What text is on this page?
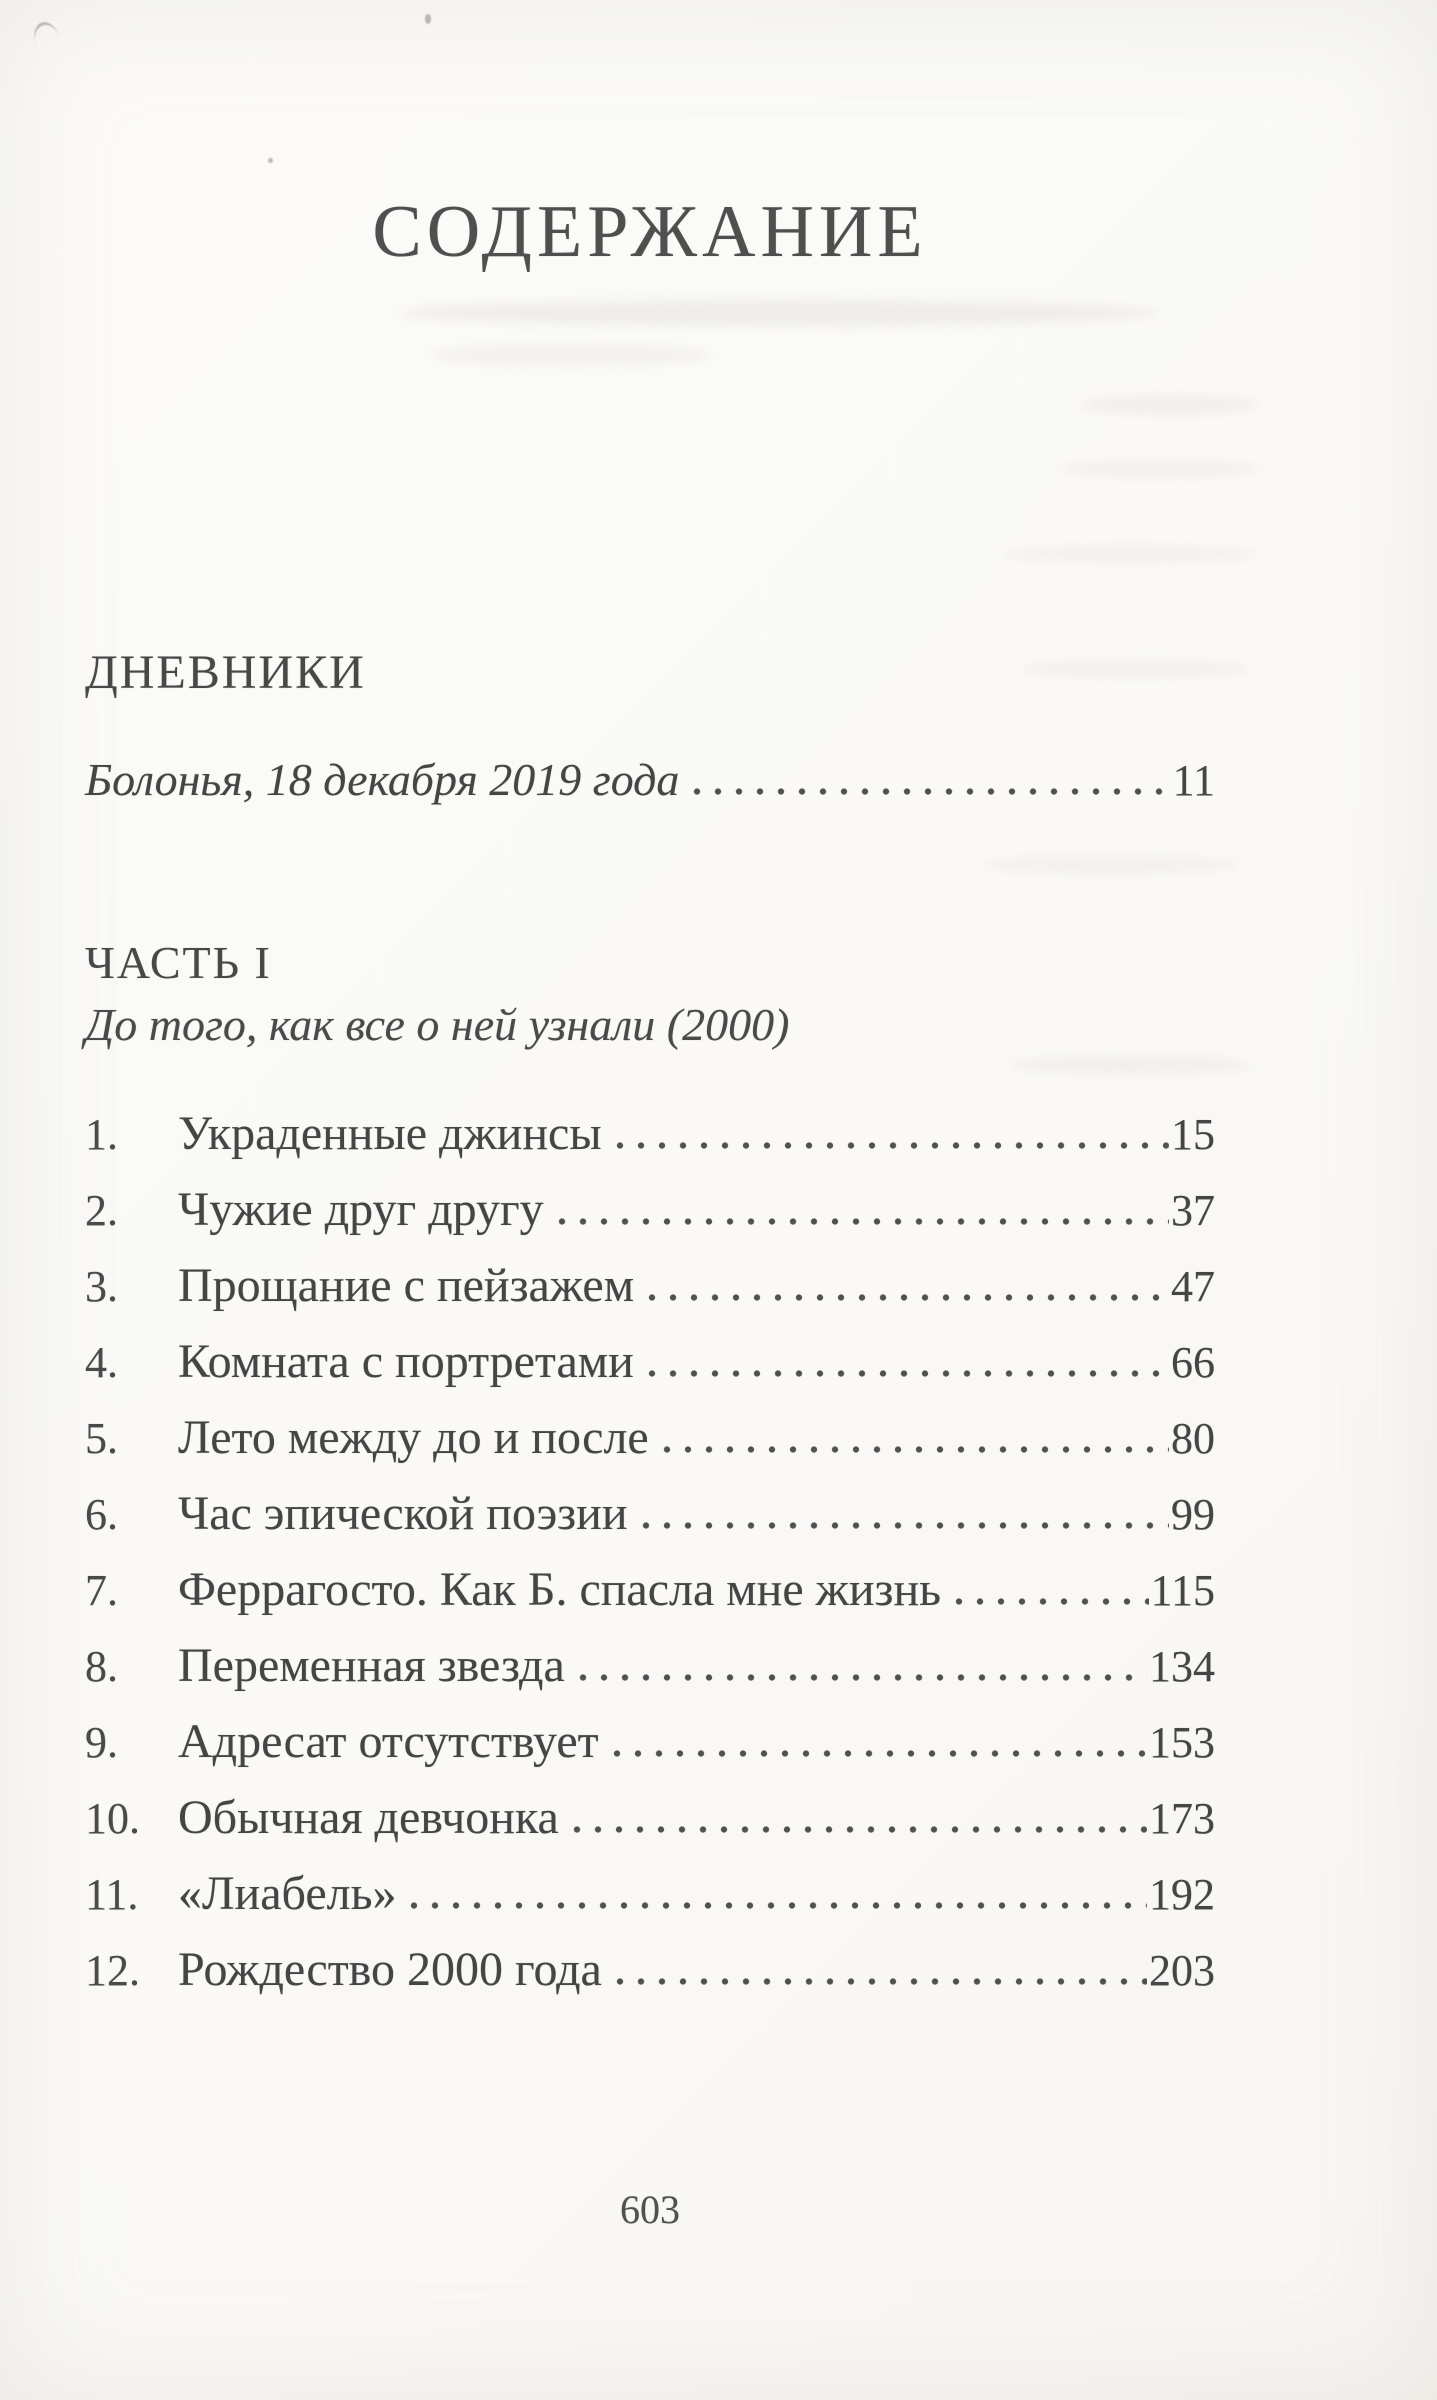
СОДЕРЖАНИЕ
ДНЕВНИКИ
Болонья, 18 декабря 2019 года	11
ЧАСТЬ I
До того, как все о ней узнали (2000)
1.	Украденные джинсы	15
2.	Чужие друг другу	37
3.	Прощание с пейзажем	47
4.	Комната с портретами	66
5.	Лето между до и после	80
6.	Час эпической поэзии	99
7.	Феррагосто. Как Б. спасла мне жизнь	115
8.	Переменная звезда	134
9.	Адресат отсутствует	153
10. Обычная девчонка	173
11. «Лиабель»	192
12. Рождество 2000 года	203
603
